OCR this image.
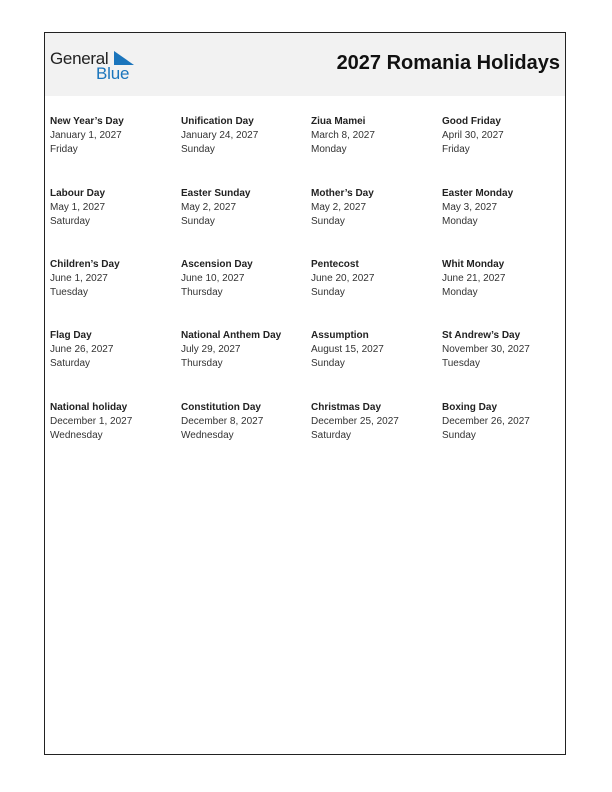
General
Blue	2027 Romania Holidays
New Year’s Day
January 1, 2027
Friday
Unification Day
January 24, 2027
Sunday
Ziua Mamei
March 8, 2027
Monday
Good Friday
April 30, 2027
Friday
Labour Day
May 1, 2027
Saturday
Easter Sunday
May 2, 2027
Sunday
Mother’s Day
May 2, 2027
Sunday
Easter Monday
May 3, 2027
Monday
Children’s Day
June 1, 2027
Tuesday
Ascension Day
June 10, 2027
Thursday
Pentecost
June 20, 2027
Sunday
Whit Monday
June 21, 2027
Monday
Flag Day
June 26, 2027
Saturday
National Anthem Day
July 29, 2027
Thursday
Assumption
August 15, 2027
Sunday
St Andrew’s Day
November 30, 2027
Tuesday
National holiday
December 1, 2027
Wednesday
Constitution Day
December 8, 2027
Wednesday
Christmas Day
December 25, 2027
Saturday
Boxing Day
December 26, 2027
Sunday
